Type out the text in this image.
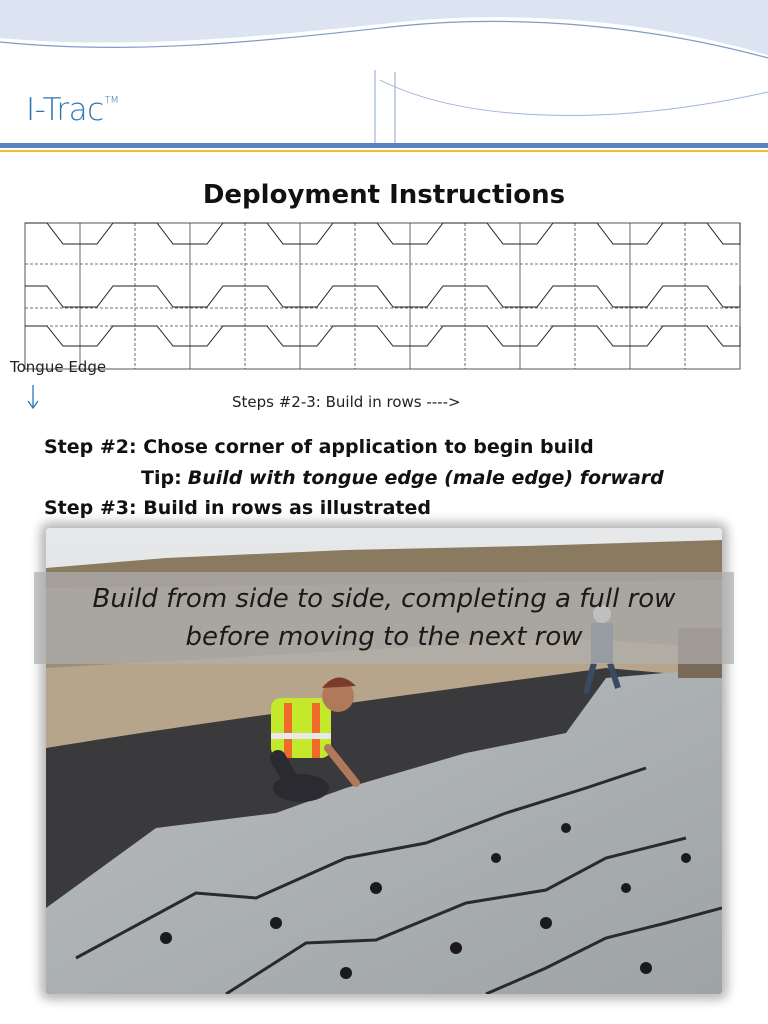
I-Trac™
Deployment Instructions
Tongue Edge
Steps #2-3: Build in rows ---->
Step #2: Chose corner of application to begin build
Tip: Build with tongue edge (male edge) forward
Step #3: Build in rows as illustrated
Build from side to side, completing a full row
before moving to the next row
